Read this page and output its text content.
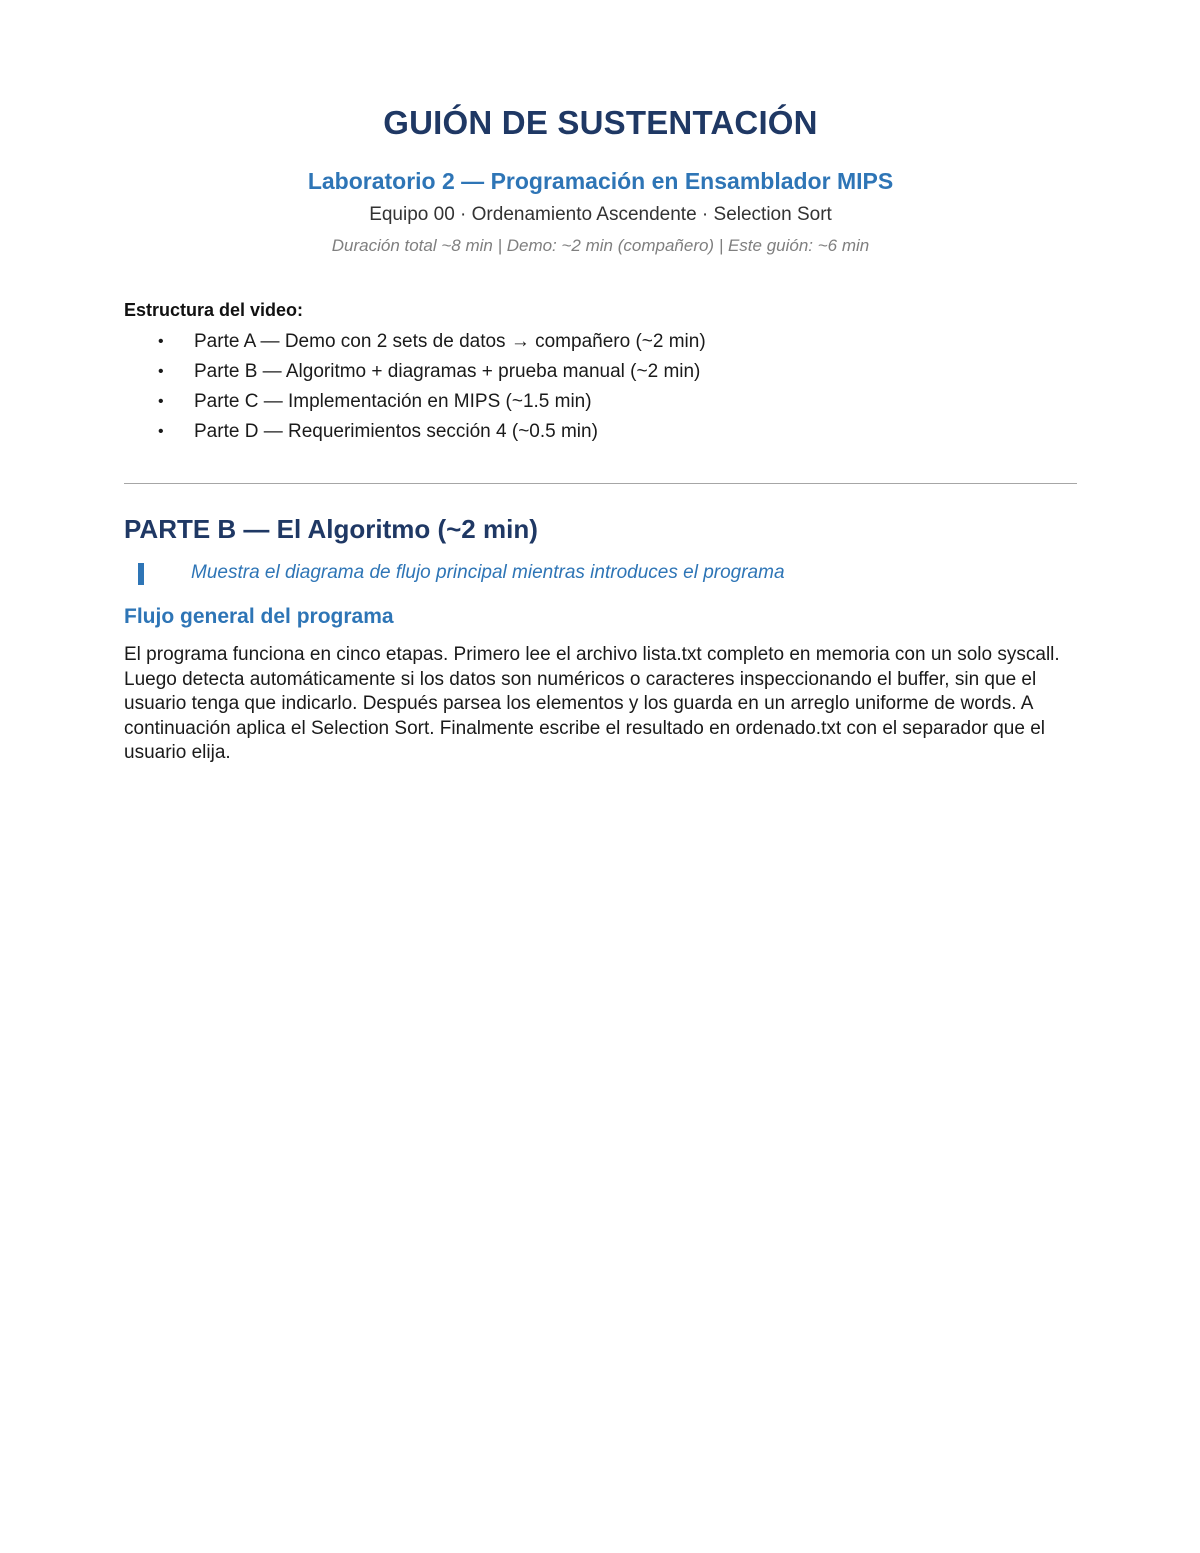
GUIÓN DE SUSTENTACIÓN
Laboratorio 2 — Programación en Ensamblador MIPS

Equipo 00 · Ordenamiento Ascendente · Selection Sort

Duración total ~8 min | Demo: ~2 min (compañero) | Este guión: ~6 min

Estructura del video:

• Parte A — Demo con 2 sets de datos → compañero (~2 min)
• Parte B — Algoritmo + diagramas + prueba manual (~2 min)
• Parte C — Implementación en MIPS (~1.5 min)
• Parte D — Requerimientos sección 4 (~0.5 min)
PARTE B — El Algoritmo (~2 min)
Muestra el diagrama de flujo principal mientras introduces el programa
Flujo general del programa

El programa funciona en cinco etapas. Primero lee el archivo lista.txt completo en memoria con un solo syscall. Luego detecta automáticamente si los datos son numéricos o caracteres inspeccionando el buffer, sin que el usuario tenga que indicarlo. Después parsea los elementos y los guarda en un arreglo uniforme de words. A continuación aplica el Selection Sort. Finalmente escribe el resultado en ordenado.txt con el separador que el usuario elija.
